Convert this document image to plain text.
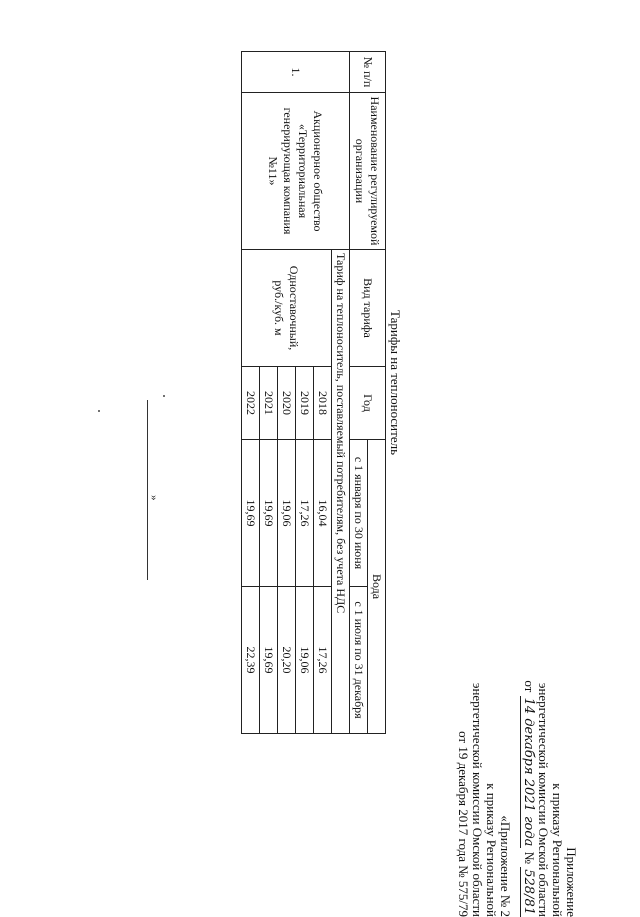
Приложение
к приказу Региональной
энергетической комиссии Омской области
от 14 декабря 2021 года № 528/81
«Приложение № 2
к приказу Региональной
энергетической комиссии Омской области
от 19 декабря 2017 года № 575/79
Тарифы на теплоноситель
№ п/п	Наименование регулируемой организации	Вид тарифа	Год	Вода	
				с 1 января по 30 июня	с 1 июля по 31 декабря
1.	Акционерное общество «Территориальная генерирующая компания №11»	Тариф на теплоноситель, поставляемый потребителям, без учета НДС			
		Одноставочный, руб./куб. м	2018	16,04	17,26
			2019	17,26	19,06
			2020	19,06	20,20
			2021	19,69	19,69
			2022	19,69	22,39
»
